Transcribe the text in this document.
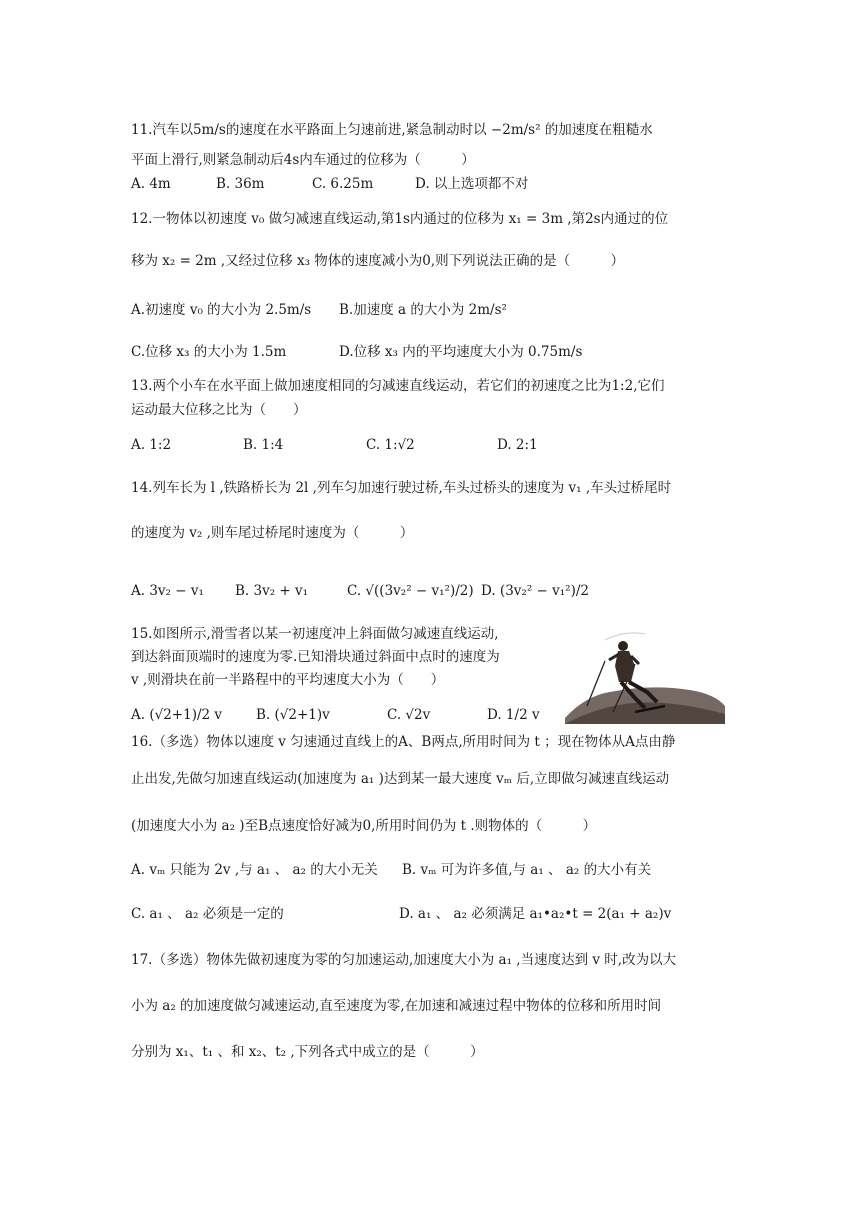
11.汽车以5m/s的速度在水平路面上匀速前进,紧急制动时以 −2m/s² 的加速度在粗糙水
平面上滑行,则紧急制动后4s内车通过的位移为（　　　）
A. 4m	B. 36m	C. 6.25m	D. 以上选项都不对
12.一物体以初速度 v₀ 做匀减速直线运动,第1s内通过的位移为 x₁ = 3m ,第2s内通过的位
移为 x₂ = 2m ,又经过位移 x₃ 物体的速度减小为0,则下列说法正确的是（　　　）
A.初速度 v₀ 的大小为 2.5m/s B.加速度 a 的大小为 2m/s²
C.位移 x₃ 的大小为 1.5m	D.位移 x₃ 内的平均速度大小为 0.75m/s
13.两个小车在水平面上做加速度相同的匀减速直线运动，若它们的初速度之比为1:2,它们
运动最大位移之比为（　　）
A. 1:2	B. 1:4	C. 1:√2	D. 2:1
14.列车长为 l ,铁路桥长为 2l ,列车匀加速行驶过桥,车头过桥头的速度为 v₁ ,车头过桥尾时
的速度为 v₂ ,则车尾过桥尾时速度为（　　　）
A. 3v₂ − v₁ B. 3v₂ + v₁	C. √((3v₂² − v₁²)/2) D. (3v₂² − v₁²)/2
15.如图所示,滑雪者以某一初速度冲上斜面做匀减速直线运动,
到达斜面顶端时的速度为零.已知滑块通过斜面中点时的速度为
v ,则滑块在前一半路程中的平均速度大小为（　　）
A. (√2+1)/2 v	B. (√2+1)v	C. √2v	D. 1/2 v
16.（多选）物体以速度 v 匀速通过直线上的A、B两点,所用时间为 t ；现在物体从A点由静
止出发,先做匀加速直线运动(加速度为 a₁ )达到某一最大速度 vₘ 后,立即做匀减速直线运动
(加速度大小为 a₂ )至B点速度恰好减为0,所用时间仍为 t .则物体的（　　　）
A. vₘ 只能为 2v ,与 a₁ 、 a₂ 的大小无关 B. vₘ 可为许多值,与 a₁ 、 a₂ 的大小有关
C. a₁ 、 a₂ 必须是一定的	D. a₁ 、 a₂ 必须满足 a₁•a₂•t = 2(a₁ + a₂)v
17.（多选）物体先做初速度为零的匀加速运动,加速度大小为 a₁ ,当速度达到 v 时,改为以大
小为 a₂ 的加速度做匀减速运动,直至速度为零,在加速和减速过程中物体的位移和所用时间
分别为 x₁、t₁ 、和 x₂、t₂ ,下列各式中成立的是（　　　）
